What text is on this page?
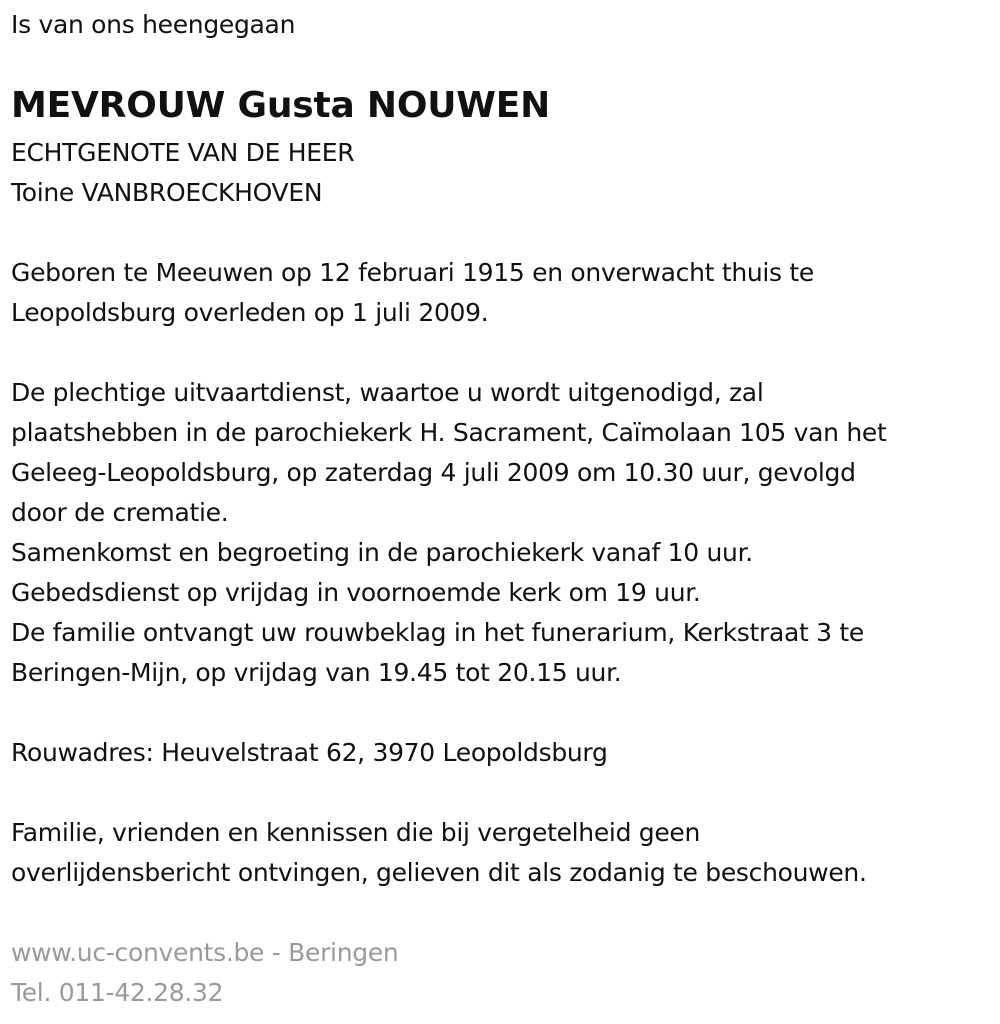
Is van ons heengegaan
MEVROUW Gusta NOUWEN
ECHTGENOTE VAN DE HEER
Toine VANBROECKHOVEN
Geboren te Meeuwen op 12 februari 1915 en onverwacht thuis te
Leopoldsburg overleden op 1 juli 2009.
De plechtige uitvaartdienst, waartoe u wordt uitgenodigd, zal
plaatshebben in de parochiekerk H. Sacrament, Caïmolaan 105 van het
Geleeg-Leopoldsburg, op zaterdag 4 juli 2009 om 10.30 uur, gevolgd
door de crematie.
Samenkomst en begroeting in de parochiekerk vanaf 10 uur.
Gebedsdienst op vrijdag in voornoemde kerk om 19 uur.
De familie ontvangt uw rouwbeklag in het funerarium, Kerkstraat 3 te
Beringen-Mijn, op vrijdag van 19.45 tot 20.15 uur.
Rouwadres: Heuvelstraat 62, 3970 Leopoldsburg
Familie, vrienden en kennissen die bij vergetelheid geen
overlijdensbericht ontvingen, gelieven dit als zodanig te beschouwen.
www.uc-convents.be - Beringen
Tel. 011-42.28.32
